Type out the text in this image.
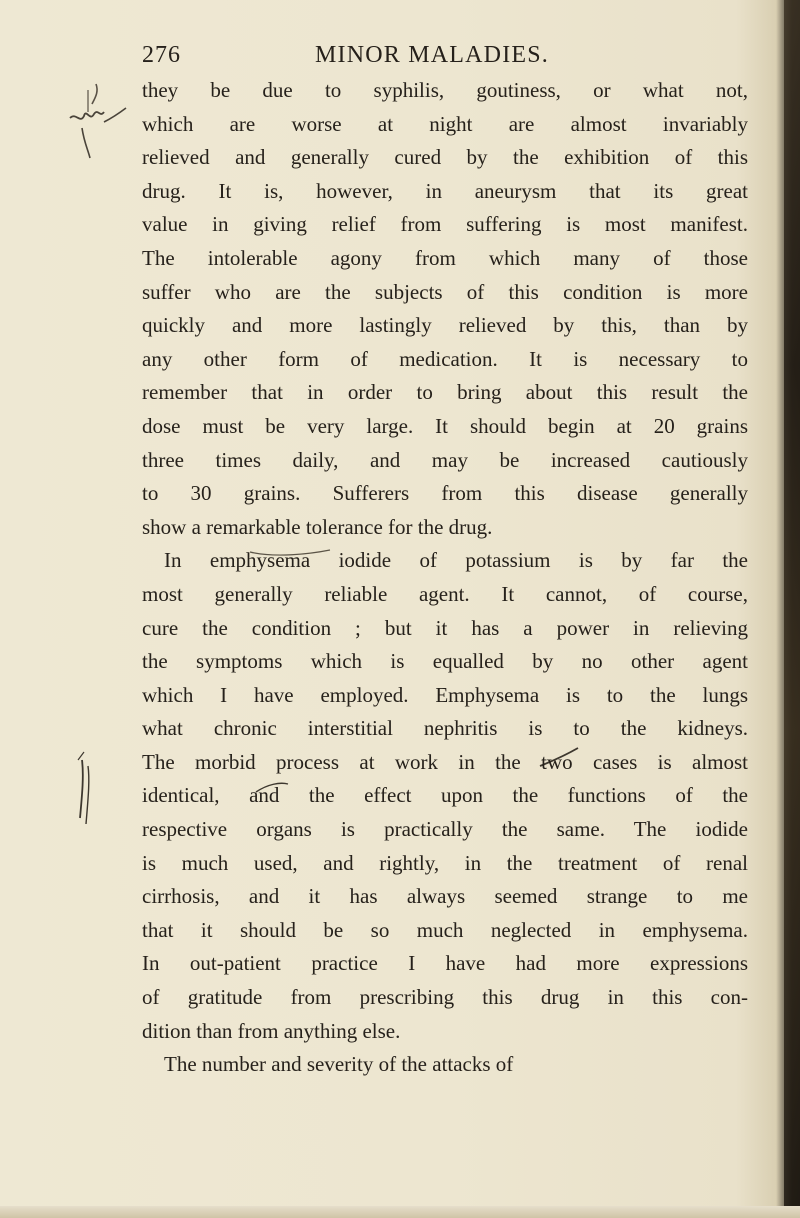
276	MINOR MALADIES.
they be due to syphilis, goutiness, or what not,
which are worse at night are almost invariably
relieved and generally cured by the exhibition of this
drug. It is, however, in aneurysm that its great
value in giving relief from suffering is most manifest.
The intolerable agony from which many of those
suffer who are the subjects of this condition is more
quickly and more lastingly relieved by this, than by
any other form of medication. It is necessary to
remember that in order to bring about this result the
dose must be very large. It should begin at 20 grains
three times daily, and may be increased cautiously
to 30 grains. Sufferers from this disease generally
show a remarkable tolerance for the drug.
In emphysema iodide of potassium is by far the
most generally reliable agent. It cannot, of course,
cure the condition ; but it has a power in relieving
the symptoms which is equalled by no other agent
which I have employed. Emphysema is to the lungs
what chronic interstitial nephritis is to the kidneys.
The morbid process at work in the two cases is almost
identical, and the effect upon the functions of the
respective organs is practically the same. The iodide
is much used, and rightly, in the treatment of renal
cirrhosis, and it has always seemed strange to me
that it should be so much neglected in emphysema.
In out-patient practice I have had more expressions
of gratitude from prescribing this drug in this con-
dition than from anything else.
The number and severity of the attacks of
